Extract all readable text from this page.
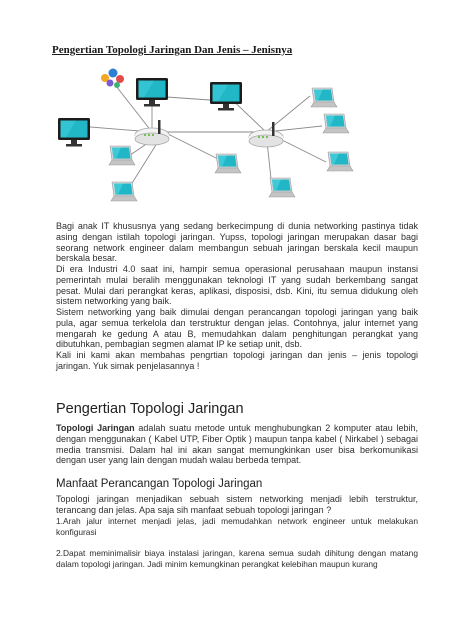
Pengertian Topologi Jaringan Dan Jenis – Jenisnya

Bagi anak IT khususnya yang sedang berkecimpung di dunia networking pastinya tidak asing dengan istilah topologi jaringan. Yupss, topologi jaringan merupakan dasar bagi seorang network engineer dalam membangun sebuah jaringan berskala kecil maupun berskala besar.

Di era Industri 4.0 saat ini, hampir semua operasional perusahaan maupun instansi pemerintah mulai beralih menggunakan teknologi IT yang sudah berkembang sangat pesat. Mulai dari perangkat keras, aplikasi, disposisi, dsb. Kini, itu semua didukung oleh sistem networking yang baik.

Sistem networking yang baik dimulai dengan perancangan topologi jaringan yang baik pula, agar semua terkelola dan terstruktur dengan jelas. Contohnya, jalur internet yang mengarah ke gedung A atau B, memudahkan dalam penghitungan perangkat yang dibutuhkan, pembagian segmen alamat IP ke setiap unit, dsb.

Kali ini kami akan membahas pengrtian topologi jaringan dan jenis – jenis topologi jaringan. Yuk simak penjelasannya !

Pengertian Topologi Jaringan

Topologi Jaringan adalah suatu metode untuk menghubungkan 2 komputer atau lebih, dengan menggunakan ( Kabel UTP, Fiber Optik ) maupun tanpa kabel ( Nirkabel ) sebagai media transmisi. Dalam hal ini akan sangat memungkinkan user bisa berkomunikasi dengan user yang lain dengan mudah walau berbeda tempat.

Manfaat Perancangan Topologi Jaringan

Topologi jaringan menjadikan sebuah sistem networking menjadi lebih terstruktur, terancang dan jelas. Apa saja sih manfaat sebuah topologi jaringan ?

1.Arah jalur internet menjadi jelas, jadi memudahkan network engineer untuk melakukan konfigurasi

2.Dapat meminimalisir biaya instalasi jaringan, karena semua sudah dihitung dengan matang dalam topologi jaringan. Jadi minim kemungkinan perangkat kelebihan maupun kurang
